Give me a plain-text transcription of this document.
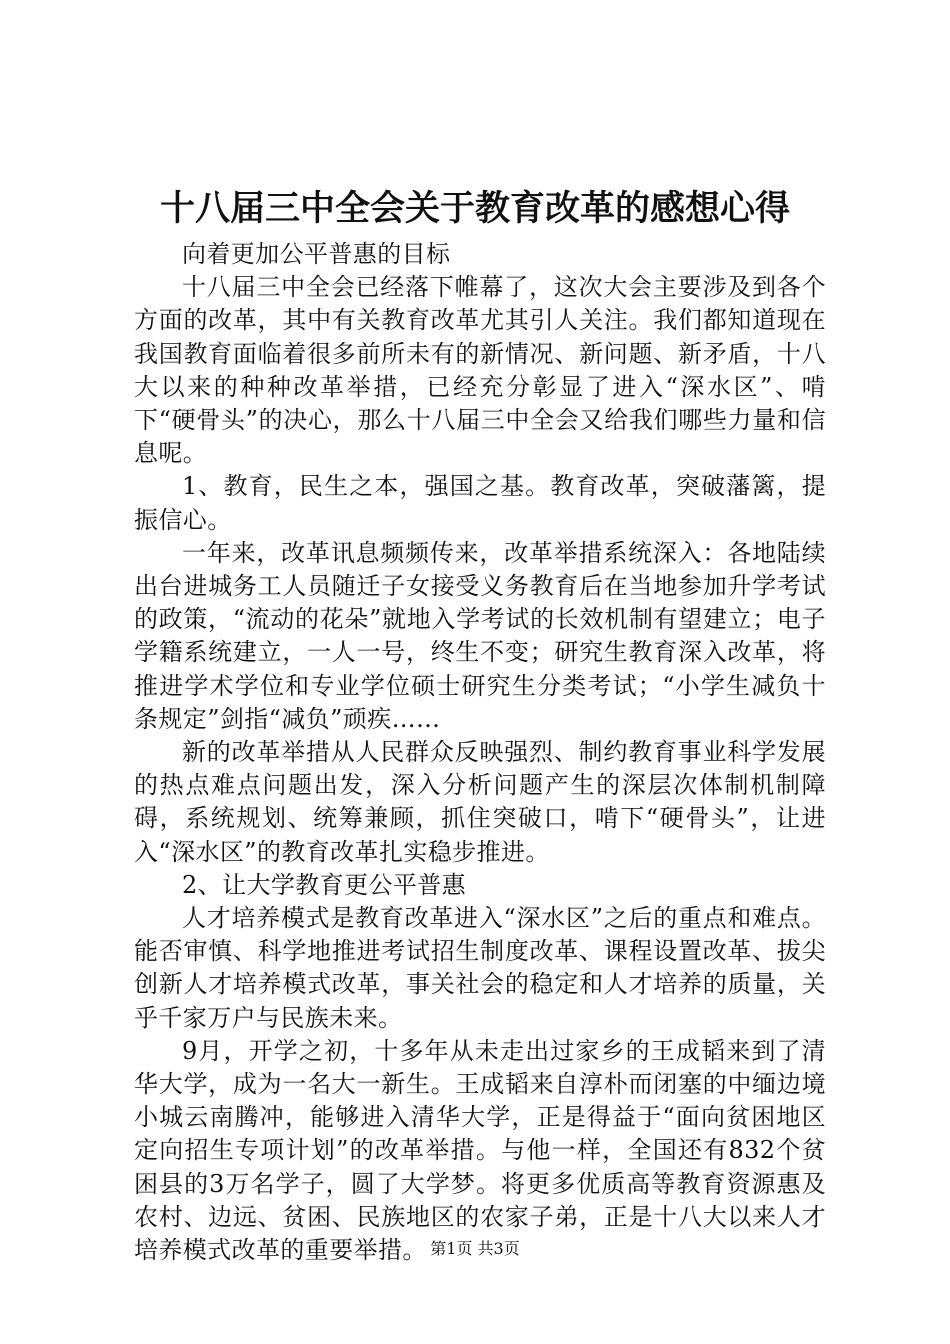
十八届三中全会关于教育改革的感想心得

向着更加公平普惠的目标

十八届三中全会已经落下帷幕了，这次大会主要涉及到各个方面的改革，其中有关教育改革尤其引人关注。我们都知道现在我国教育面临着很多前所未有的新情况、新问题、新矛盾，十八大以来的种种改革举措，已经充分彰显了进入“深水区”、啃下“硬骨头”的决心，那么十八届三中全会又给我们哪些力量和信息呢。

1、教育，民生之本，强国之基。教育改革，突破藩篱，提振信心。

一年来，改革讯息频频传来，改革举措系统深入：各地陆续出台进城务工人员随迁子女接受义务教育后在当地参加升学考试的政策，“流动的花朵”就地入学考试的长效机制有望建立；电子学籍系统建立，一人一号，终生不变；研究生教育深入改革，将推进学术学位和专业学位硕士研究生分类考试；“小学生减负十条规定”剑指“减负”顽疾……

新的改革举措从人民群众反映强烈、制约教育事业科学发展的热点难点问题出发，深入分析问题产生的深层次体制机制障碍，系统规划、统筹兼顾，抓住突破口，啃下“硬骨头”，让进入“深水区”的教育改革扎实稳步推进。

2、让大学教育更公平普惠

人才培养模式是教育改革进入“深水区”之后的重点和难点。能否审慎、科学地推进考试招生制度改革、课程设置改革、拔尖创新人才培养模式改革，事关社会的稳定和人才培养的质量，关乎千家万户与民族未来。

9月，开学之初，十多年从未走出过家乡的王成韬来到了清华大学，成为一名大一新生。王成韬来自淳朴而闭塞的中缅边境小城云南腾冲，能够进入清华大学，正是得益于“面向贫困地区定向招生专项计划”的改革举措。与他一样，全国还有832个贫困县的3万名学子，圆了大学梦。将更多优质高等教育资源惠及农村、边远、贫困、民族地区的农家子弟，正是十八大以来人才培养模式改革的重要举措。 第1页 共3页
